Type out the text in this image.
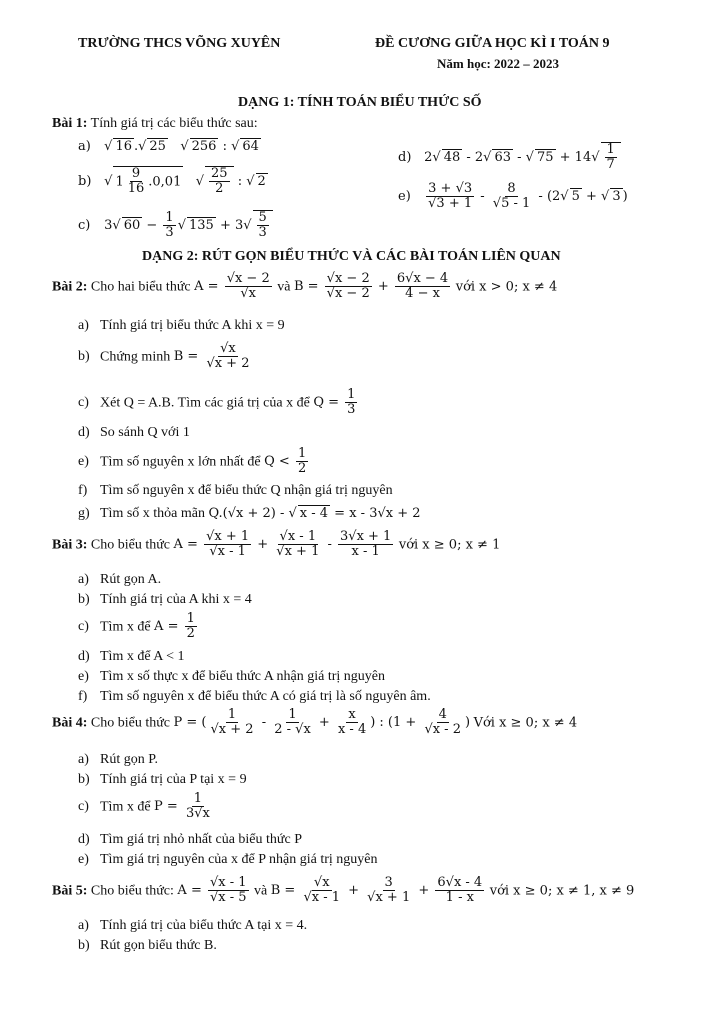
TRƯỜNG THCS VÕNG XUYÊN	ĐỀ CƯƠNG GIỮA HỌC KÌ I TOÁN 9
Năm học: 2022 – 2023
DẠNG 1: TÍNH TOÁN BIỂU THỨC SỐ
Bài 1: Tính giá trị các biểu thức sau:
a) √ 16 .√ 25   √ 256 : √ 64
b) √ $1 \frac{9}{16} .0,01$   √ $\frac{25}{2}$ : √ 2
c) 3√ $60 - \frac{1}{3}$ √ $135 + 3√ \frac{5}{3}$
d) 2√ 48 - 2√ 63 - √ $75 + 14√ \frac{1}{7}$
$e) \frac{3 + √3}{√3 + 1} - \frac{8}{√5 - 1} - (2√$ 5 + √ 3 )
DẠNG 2: RÚT GỌN BIỂU THỨC VÀ CÁC BÀI TOÁN LIÊN QUAN
Bài 2: Cho hai biểu thức $A = \frac{√x - 2}{√x}$ và $B = \frac{√x - 2}{√x - 2} + \frac{6√x - 4}{4 - x}$ với x > 0; x ≠ 4
a) Tính giá trị biểu thức A khi x = 9
b) Chứng minh $B = \frac{√x}{√x + 2}$
c) Xét Q = A.B. Tìm các giá trị của x để $Q = \frac{1}{3}$
d) So sánh Q với 1
e) Tìm số nguyên x lớn nhất để $Q < \frac{1}{2}$
f) Tìm số nguyên x để biểu thức Q nhận giá trị nguyên
g) Tìm số x thỏa mãn Q.(√x + 2) - √ x - 4 = x - 3√x + 2
Bài 3: Cho biểu thức $A = \frac{√x + 1}{√x - 1} + \frac{√x - 1}{√x + 1} - \frac{3√x + 1}{x - 1}$ với x ≥ 0; x ≠ 1
a) Rút gọn A.
b) Tính giá trị của A khi x = 4
c) Tìm x để $A = \frac{1}{2}$
d) Tìm x để A < 1
e) Tìm x số thực x để biểu thức A nhận giá trị nguyên
f) Tìm số nguyên x để biểu thức A có giá trị là số nguyên âm.
Bài 4: Cho biểu thức P = ( $\frac{1}{√x + 2} - \frac{1}{2 - √x} + \frac{x}{x - 4}$ ) : ($1 + \frac{4}{√x - 2}$ ) Với x ≥ 0; x ≠ 4
a) Rút gọn P.
b) Tính giá trị của P tại x = 9
c) Tìm x để $P = \frac{1}{3√x}$
d) Tìm giá trị nhỏ nhất của biểu thức P
e) Tìm giá trị nguyên của x để P nhận giá trị nguyên
Bài 5: Cho biểu thức: $A = \frac{√x - 1}{√x - 5}$ và $B = \frac{√x}{√x - 1} + \frac{3}{√x + 1} + \frac{6√x - 4}{1 - x}$ với x ≥ 0; x ≠ 1, x ≠ 9
a) Tính giá trị của biểu thức A tại x = 4.
b) Rút gọn biểu thức B.
